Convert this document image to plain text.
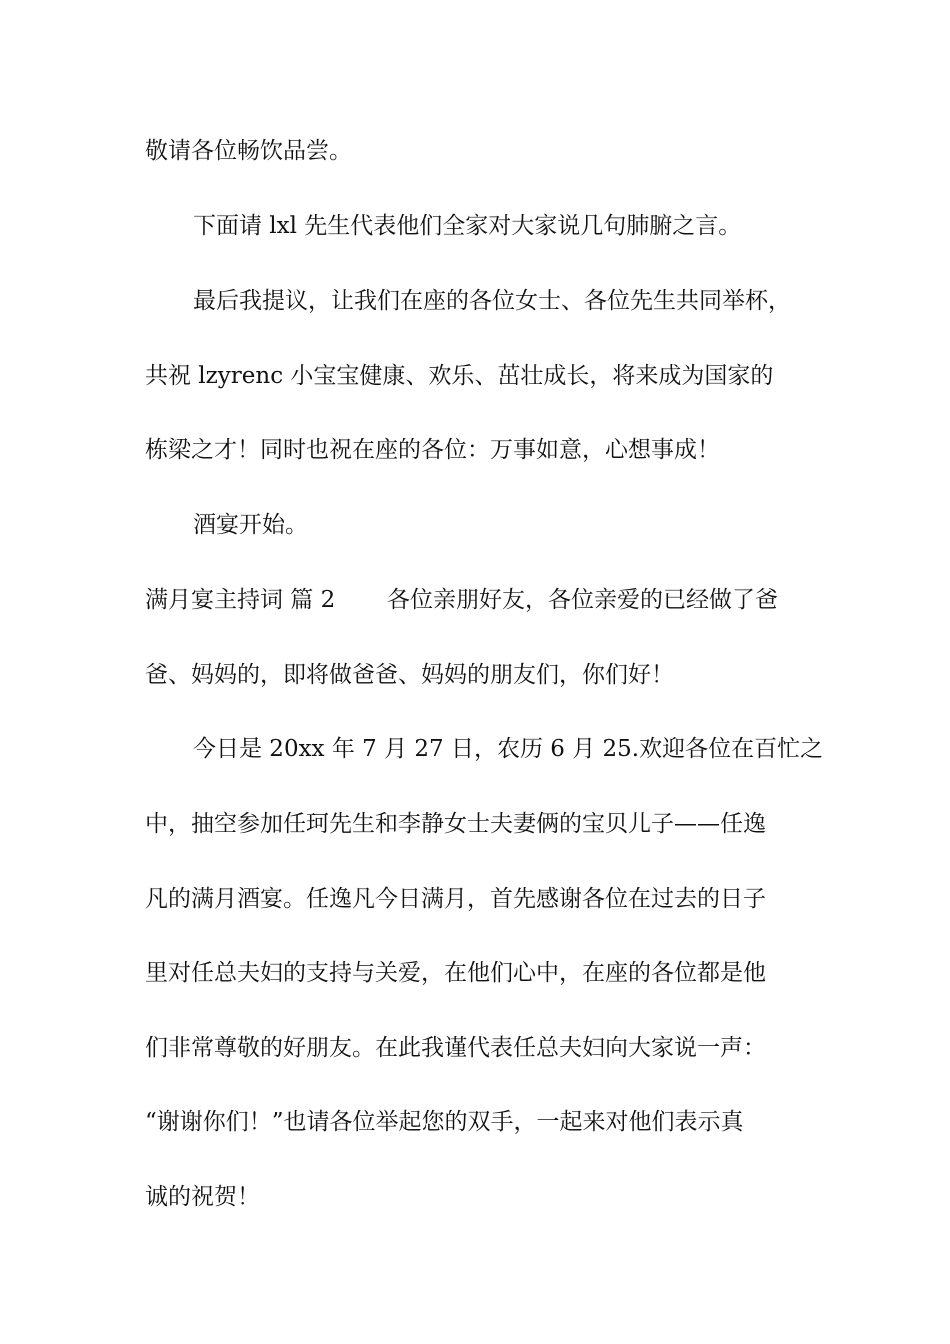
敬请各位畅饮品尝。
下面请 lxl 先生代表他们全家对大家说几句肺腑之言。
最后我提议，让我们在座的各位女士、各位先生共同举杯，
共祝 lzyrenc 小宝宝健康、欢乐、茁壮成长，将来成为国家的
栋梁之才！同时也祝在座的各位：万事如意，心想事成！
酒宴开始。
满月宴主持词 篇 2 各位亲朋好友，各位亲爱的已经做了爸
爸、妈妈的，即将做爸爸、妈妈的朋友们，你们好！
今日是 20xx 年 7 月 27 日，农历 6 月 25.欢迎各位在百忙之
中，抽空参加任珂先生和李静女士夫妻俩的宝贝儿子——任逸
凡的满月酒宴。任逸凡今日满月，首先感谢各位在过去的日子
里对任总夫妇的支持与关爱，在他们心中，在座的各位都是他
们非常尊敬的好朋友。在此我谨代表任总夫妇向大家说一声：
“谢谢你们！”也请各位举起您的双手，一起来对他们表示真
诚的祝贺！
